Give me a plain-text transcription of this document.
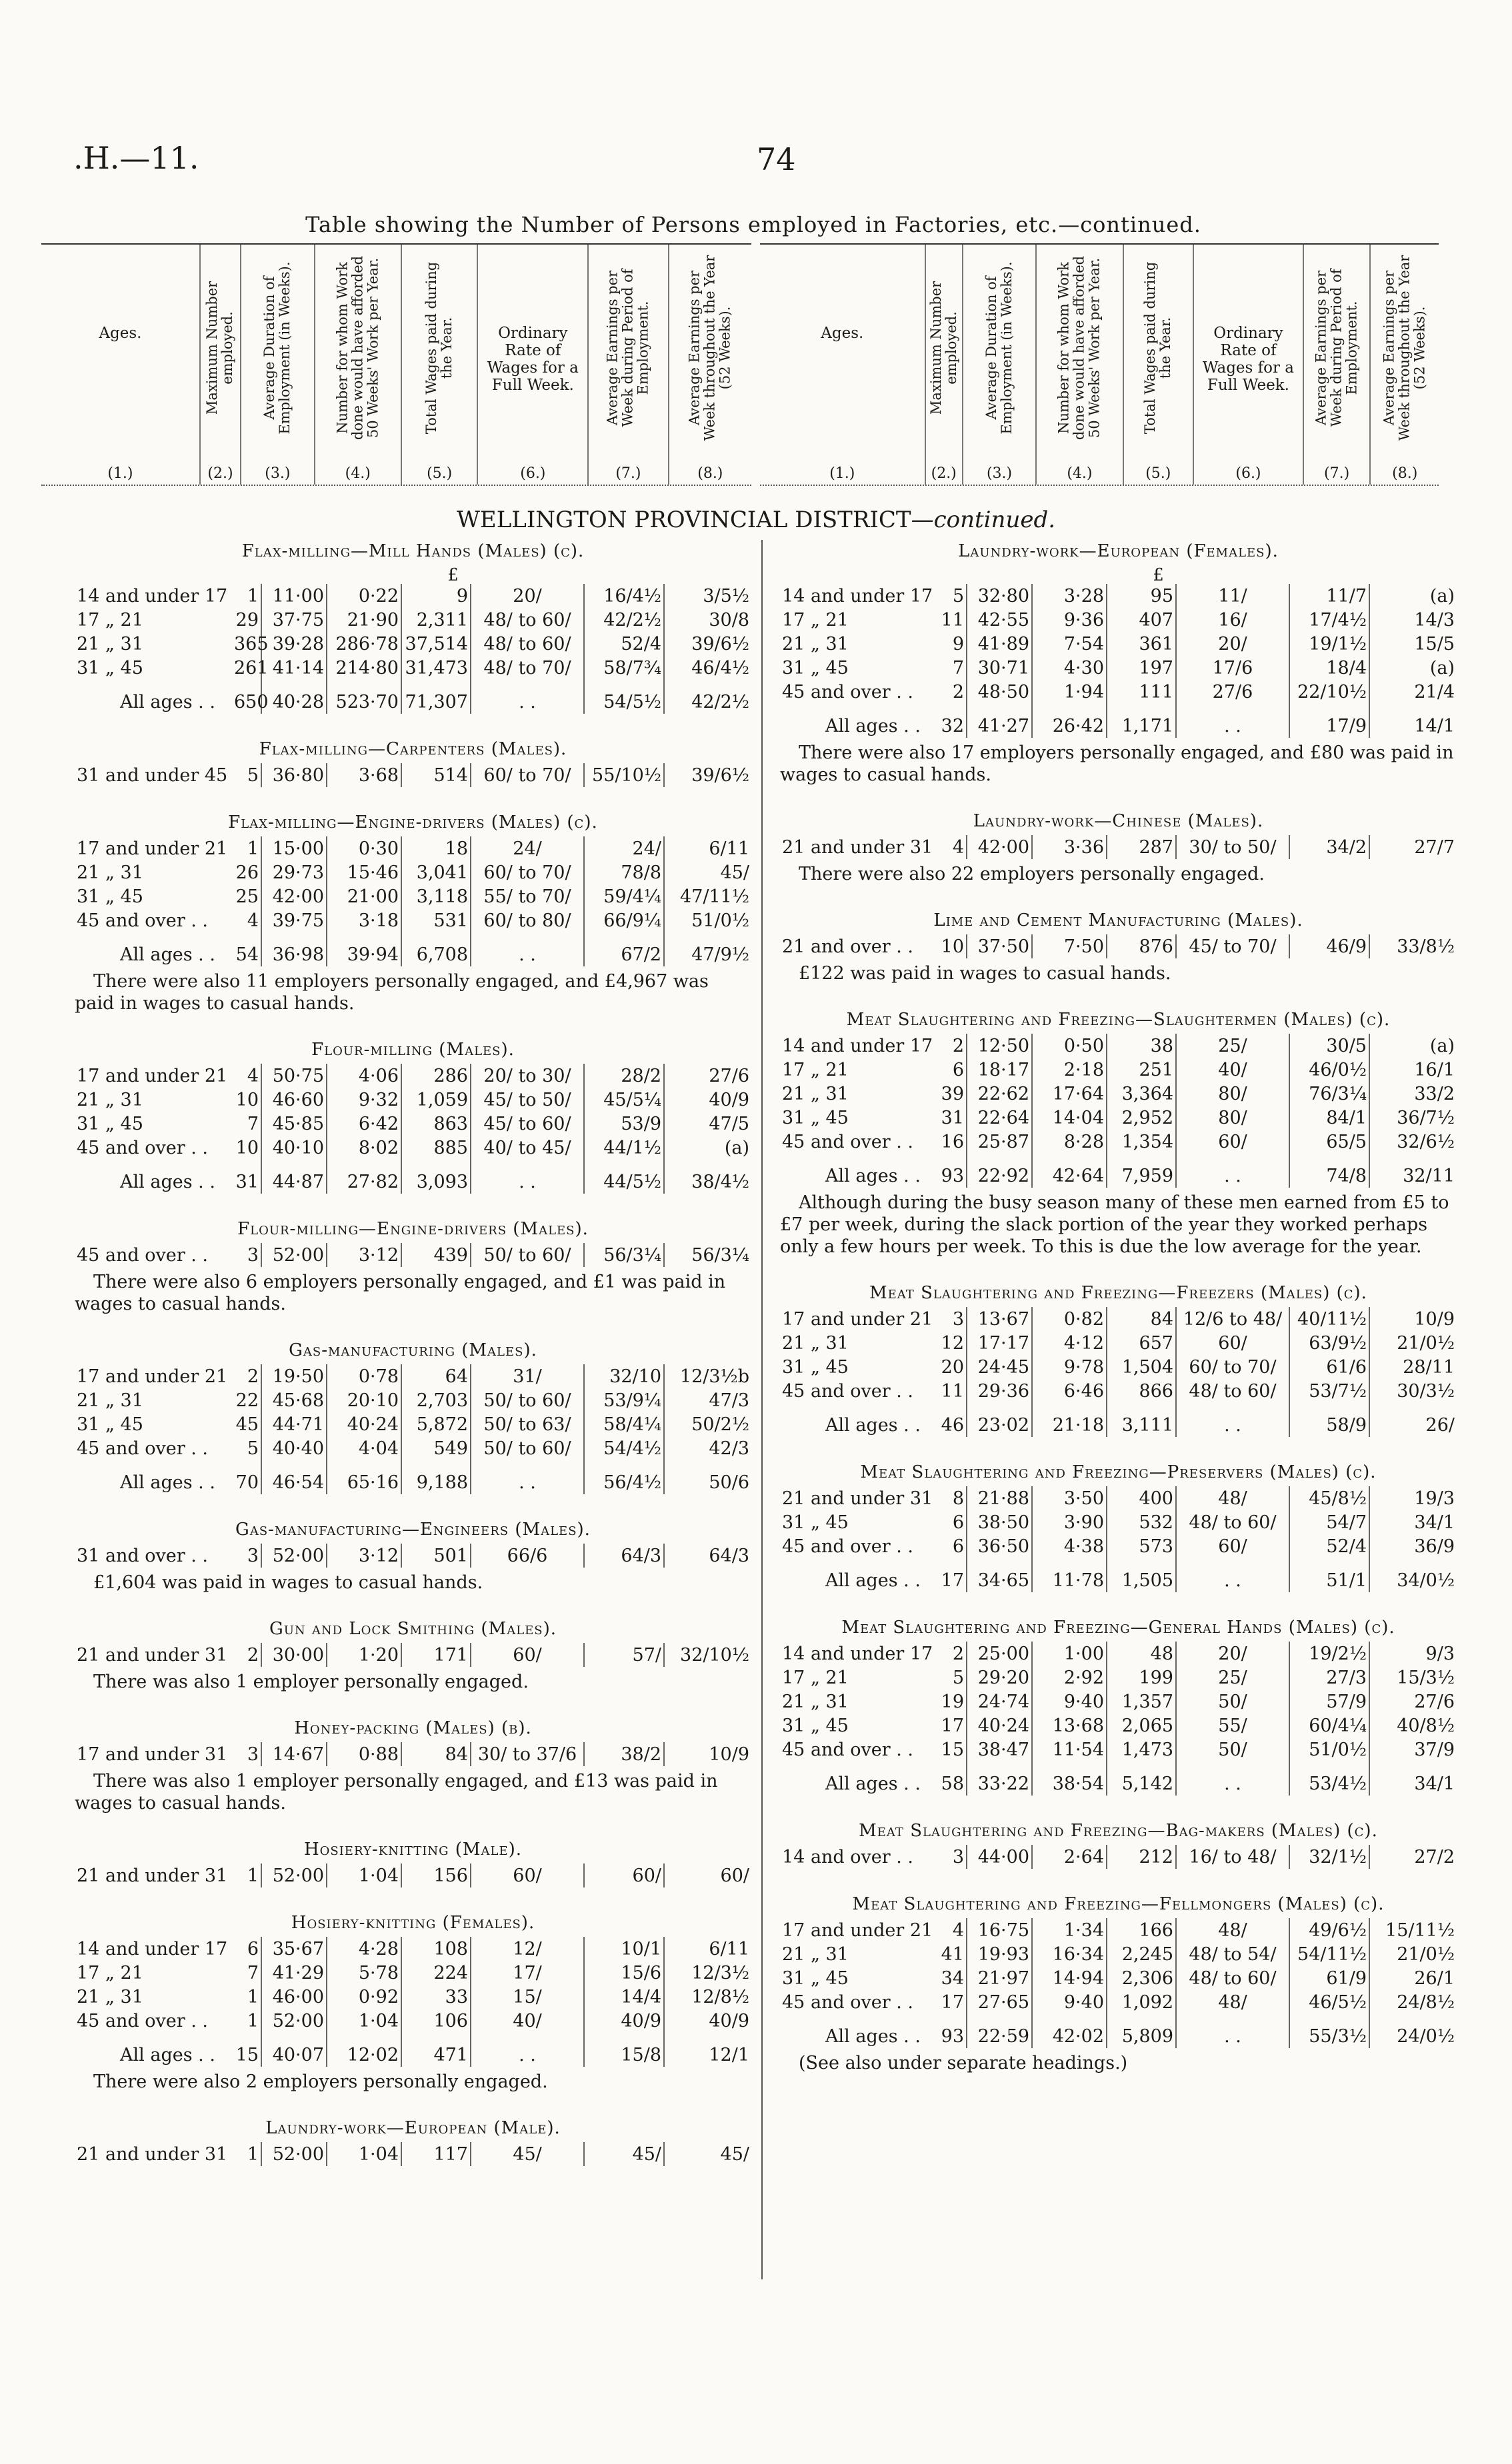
.H.—11.	74
Table showing the Number of Persons employed in Factories, etc.—continued.
Ages.
(1.)
Maximum Number employed.
(2.)
Average Duration of Employment (in Weeks).
(3.)
Number for whom Work done would have afforded 50 Weeks' Work per Year.
(4.)
Total Wages paid during the Year.
(5.)
Ordinary Rate of Wages for a Full Week.
(6.)
Average Earnings per Week during Period of Employment.
(7.)
Average Earnings per Week throughout the Year (52 Weeks).
(8.)
Ages.
(1.)
Maximum Number employed.
(2.)
Average Duration of Employment (in Weeks).
(3.)
Number for whom Work done would have afforded 50 Weeks' Work per Year.
(4.)
Total Wages paid during the Year.
(5.)
Ordinary Rate of Wages for a Full Week.
(6.)
Average Earnings per Week during Period of Employment.
(7.)
Average Earnings per Week throughout the Year (52 Weeks).
(8.)
WELLINGTON PROVINCIAL DISTRICT—continued.
Flax-milling—Mill Hands (Males) (c).
£
14 and under 17	1	11·00	0·22	9	20/	16/4½	3/5½
17 „ 21	29	37·75	21·90	2,311	48/ to 60/	42/2½	30/8
21 „ 31	365	39·28	286·78	37,514	48/ to 60/	52/4	39/6½
31 „ 45	261	41·14	214·80	31,473	48/ to 70/	58/7¾	46/4½
All ages . .	650	40·28	523·70	71,307	. .	54/5½	42/2½
Flax-milling—Carpenters (Males).
31 and under 45	5	36·80	3·68	514	60/ to 70/	55/10½	39/6½
Flax-milling—Engine-drivers (Males) (c).
17 and under 21	1	15·00	0·30	18	24/	24/	6/11
21 „ 31	26	29·73	15·46	3,041	60/ to 70/	78/8	45/
31 „ 45	25	42·00	21·00	3,118	55/ to 70/	59/4¼	47/11½
45 and over . .	4	39·75	3·18	531	60/ to 80/	66/9¼	51/0½
All ages . .	54	36·98	39·94	6,708	. .	67/2	47/9½
There were also 11 employers personally engaged, and £4,967 was paid in wages to casual hands.
Flour-milling (Males).
17 and under 21	4	50·75	4·06	286	20/ to 30/	28/2	27/6
21 „ 31	10	46·60	9·32	1,059	45/ to 50/	45/5¼	40/9
31 „ 45	7	45·85	6·42	863	45/ to 60/	53/9	47/5
45 and over . .	10	40·10	8·02	885	40/ to 45/	44/1½	(a)
All ages . .	31	44·87	27·82	3,093	. .	44/5½	38/4½
Flour-milling—Engine-drivers (Males).
45 and over . .	3	52·00	3·12	439	50/ to 60/	56/3¼	56/3¼
There were also 6 employers personally engaged, and £1 was paid in wages to casual hands.
Gas-manufacturing (Males).
17 and under 21	2	19·50	0·78	64	31/	32/10	12/3½b
21 „ 31	22	45·68	20·10	2,703	50/ to 60/	53/9¼	47/3
31 „ 45	45	44·71	40·24	5,872	50/ to 63/	58/4¼	50/2½
45 and over . .	5	40·40	4·04	549	50/ to 60/	54/4½	42/3
All ages . .	70	46·54	65·16	9,188	. .	56/4½	50/6
Gas-manufacturing—Engineers (Males).
31 and over . .	3	52·00	3·12	501	66/6	64/3	64/3
£1,604 was paid in wages to casual hands.
Gun and Lock Smithing (Males).
21 and under 31	2	30·00	1·20	171	60/	57/	32/10½
There was also 1 employer personally engaged.
Honey-packing (Males) (b).
17 and under 31	3	14·67	0·88	84	30/ to 37/6	38/2	10/9
There was also 1 employer personally engaged, and £13 was paid in wages to casual hands.
Hosiery-knitting (Male).
21 and under 31	1	52·00	1·04	156	60/	60/	60/
Hosiery-knitting (Females).
14 and under 17	6	35·67	4·28	108	12/	10/1	6/11
17 „ 21	7	41·29	5·78	224	17/	15/6	12/3½
21 „ 31	1	46·00	0·92	33	15/	14/4	12/8½
45 and over . .	1	52·00	1·04	106	40/	40/9	40/9
All ages . .	15	40·07	12·02	471	. .	15/8	12/1
There were also 2 employers personally engaged.
Laundry-work—European (Male).
21 and under 31	1	52·00	1·04	117	45/	45/	45/
Laundry-work—European (Females).
£
14 and under 17	5	32·80	3·28	95	11/	11/7	(a)
17 „ 21	11	42·55	9·36	407	16/	17/4½	14/3
21 „ 31	9	41·89	7·54	361	20/	19/1½	15/5
31 „ 45	7	30·71	4·30	197	17/6	18/4	(a)
45 and over . .	2	48·50	1·94	111	27/6	22/10½	21/4
All ages . .	32	41·27	26·42	1,171	. .	17/9	14/1
There were also 17 employers personally engaged, and £80 was paid in wages to casual hands.
Laundry-work—Chinese (Males).
21 and under 31	4	42·00	3·36	287	30/ to 50/	34/2	27/7
There were also 22 employers personally engaged.
Lime and Cement Manufacturing (Males).
21 and over . .	10	37·50	7·50	876	45/ to 70/	46/9	33/8½
£122 was paid in wages to casual hands.
Meat Slaughtering and Freezing—Slaughtermen (Males) (c).
14 and under 17	2	12·50	0·50	38	25/	30/5	(a)
17 „ 21	6	18·17	2·18	251	40/	46/0½	16/1
21 „ 31	39	22·62	17·64	3,364	80/	76/3¼	33/2
31 „ 45	31	22·64	14·04	2,952	80/	84/1	36/7½
45 and over . .	16	25·87	8·28	1,354	60/	65/5	32/6½
All ages . .	93	22·92	42·64	7,959	. .	74/8	32/11
Although during the busy season many of these men earned from £5 to £7 per week, during the slack portion of the year they worked perhaps only a few hours per week. To this is due the low average for the year.
Meat Slaughtering and Freezing—Freezers (Males) (c).
17 and under 21	3	13·67	0·82	84	12/6 to 48/	40/11½	10/9
21 „ 31	12	17·17	4·12	657	60/	63/9½	21/0½
31 „ 45	20	24·45	9·78	1,504	60/ to 70/	61/6	28/11
45 and over . .	11	29·36	6·46	866	48/ to 60/	53/7½	30/3½
All ages . .	46	23·02	21·18	3,111	. .	58/9	26/
Meat Slaughtering and Freezing—Preservers (Males) (c).
21 and under 31	8	21·88	3·50	400	48/	45/8½	19/3
31 „ 45	6	38·50	3·90	532	48/ to 60/	54/7	34/1
45 and over . .	6	36·50	4·38	573	60/	52/4	36/9
All ages . .	17	34·65	11·78	1,505	. .	51/1	34/0½
Meat Slaughtering and Freezing—General Hands (Males) (c).
14 and under 17	2	25·00	1·00	48	20/	19/2½	9/3
17 „ 21	5	29·20	2·92	199	25/	27/3	15/3½
21 „ 31	19	24·74	9·40	1,357	50/	57/9	27/6
31 „ 45	17	40·24	13·68	2,065	55/	60/4¼	40/8½
45 and over . .	15	38·47	11·54	1,473	50/	51/0½	37/9
All ages . .	58	33·22	38·54	5,142	. .	53/4½	34/1
Meat Slaughtering and Freezing—Bag-makers (Males) (c).
14 and over . .	3	44·00	2·64	212	16/ to 48/	32/1½	27/2
Meat Slaughtering and Freezing—Fellmongers (Males) (c).
17 and under 21	4	16·75	1·34	166	48/	49/6½	15/11½
21 „ 31	41	19·93	16·34	2,245	48/ to 54/	54/11½	21/0½
31 „ 45	34	21·97	14·94	2,306	48/ to 60/	61/9	26/1
45 and over . .	17	27·65	9·40	1,092	48/	46/5½	24/8½
All ages . .	93	22·59	42·02	5,809	. .	55/3½	24/0½
(See also under separate headings.)
